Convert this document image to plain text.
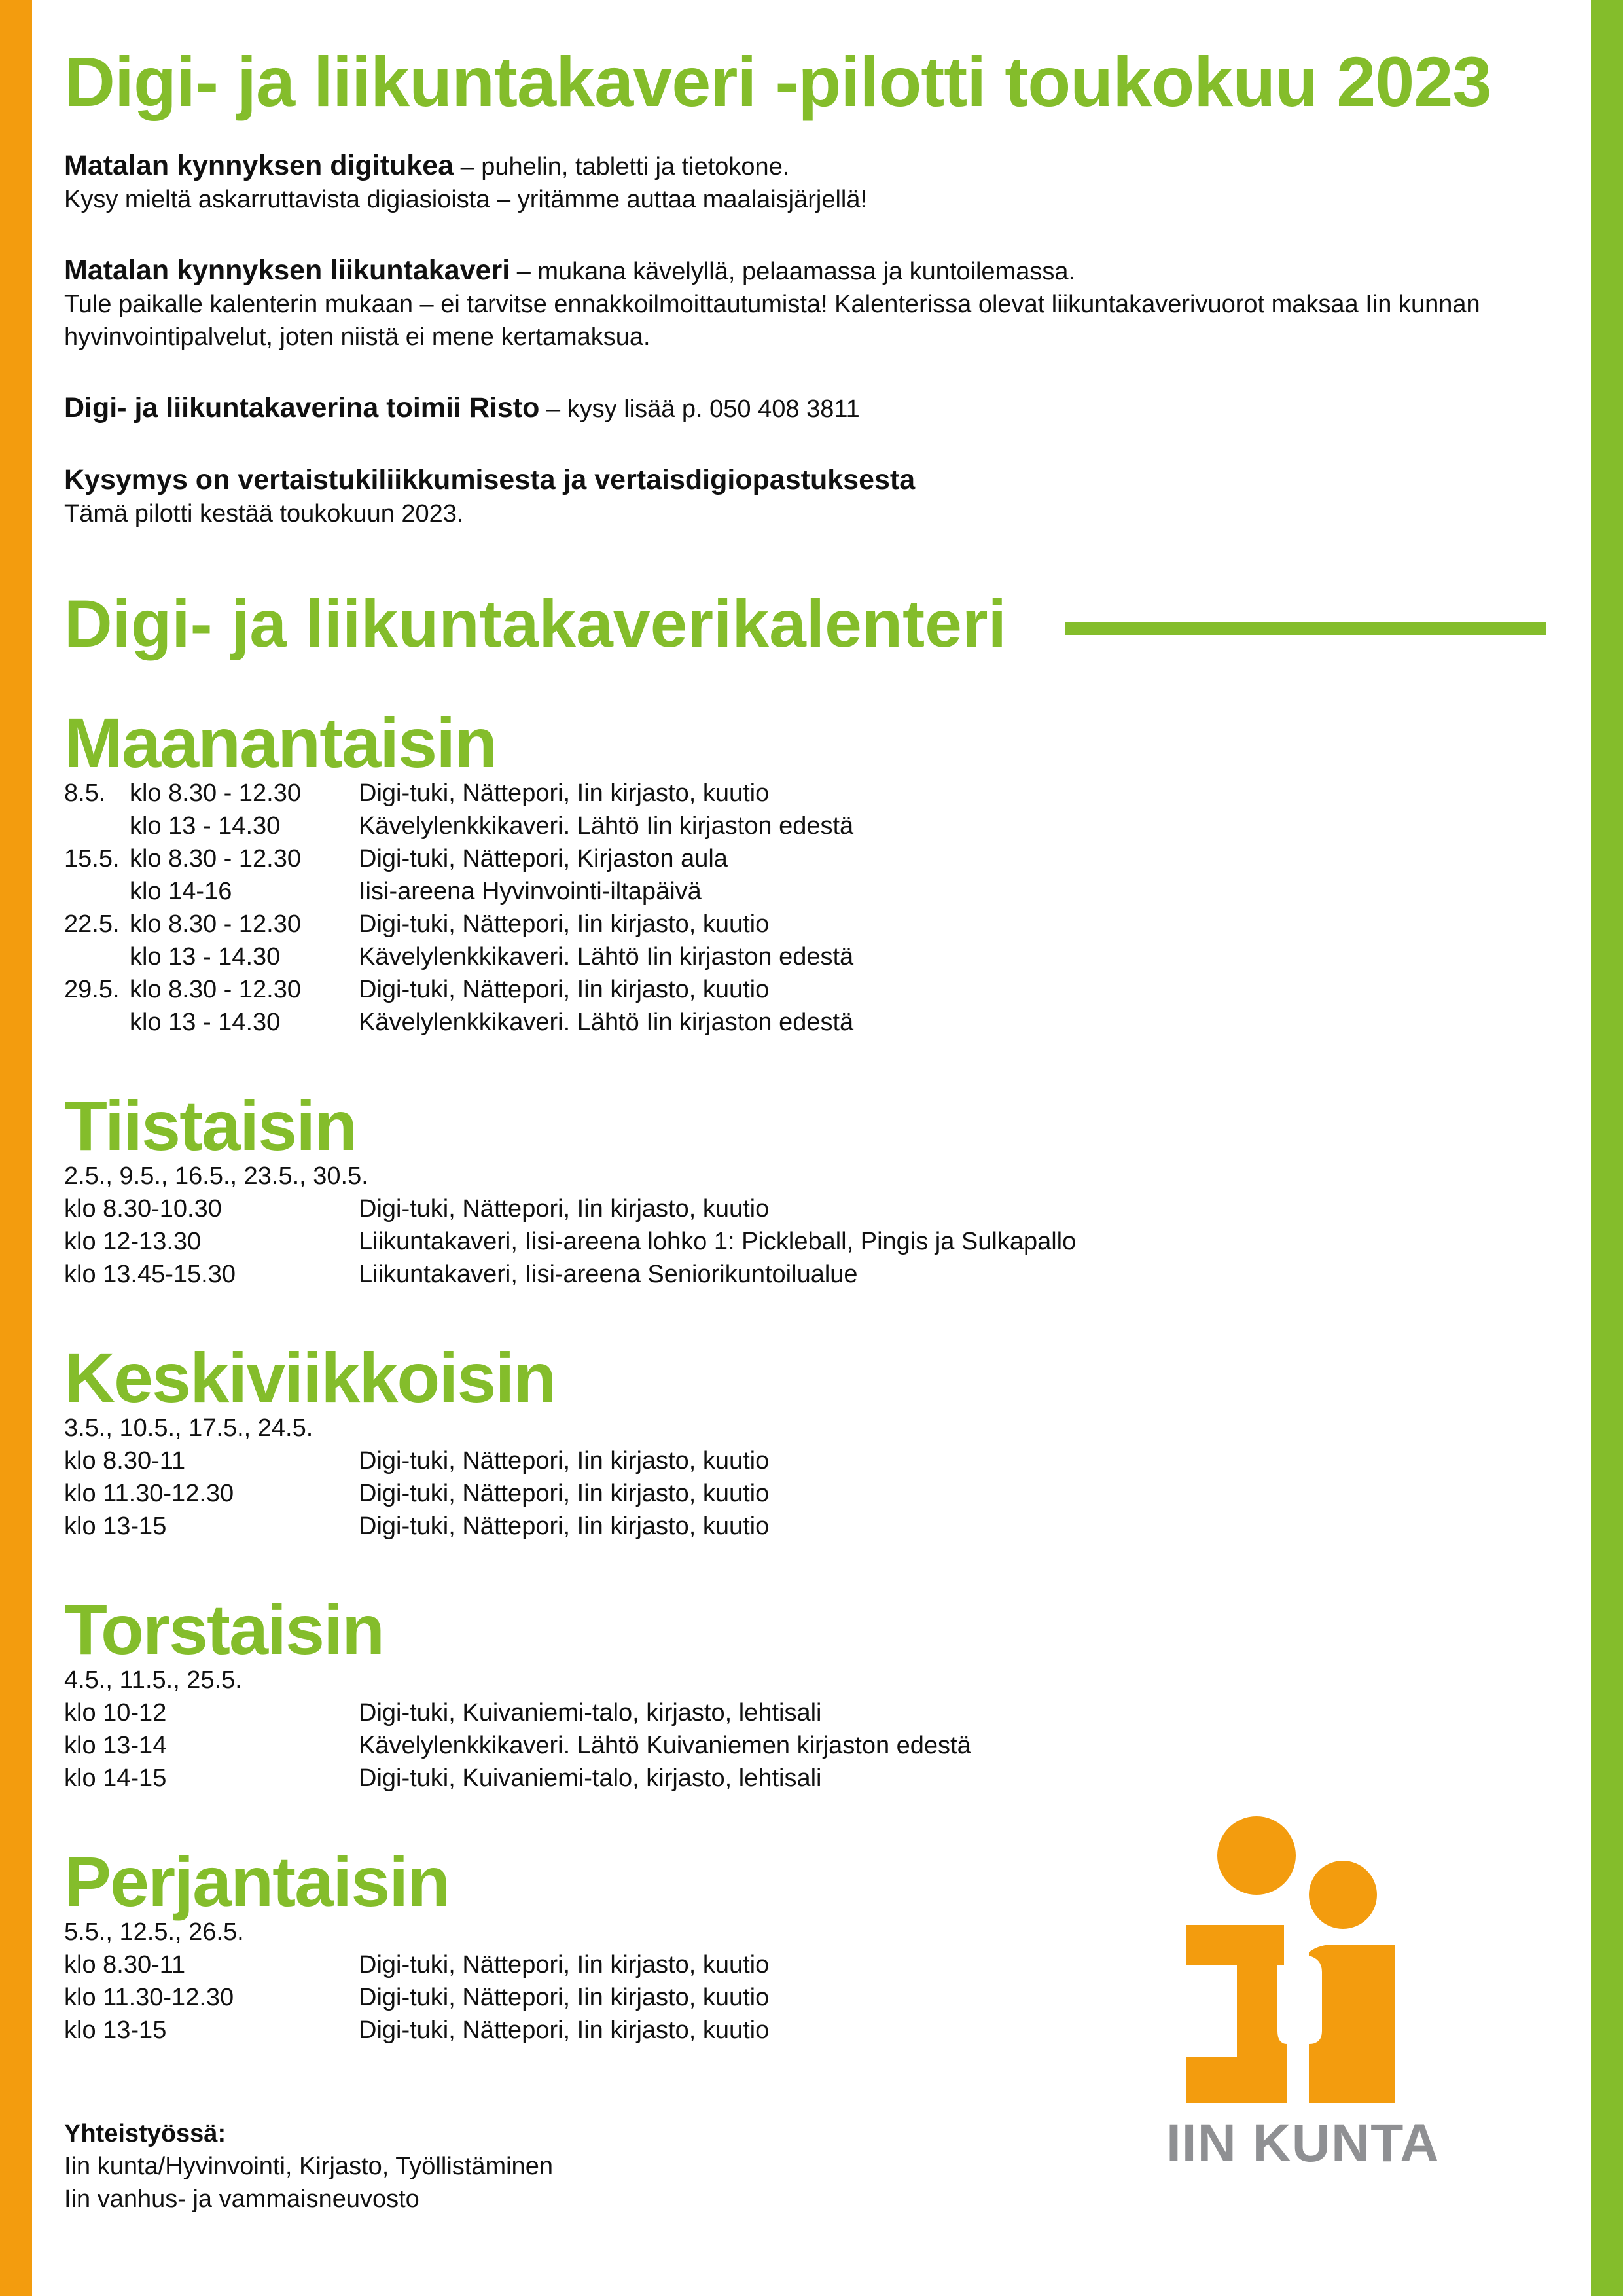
Digi- ja liikuntakaveri -pilotti toukokuu 2023

Matalan kynnyksen digitukea – puhelin, tabletti ja tietokone.
Kysy mieltä askarruttavista digiasioista – yritämme auttaa maalaisjärjellä!

Matalan kynnyksen liikuntakaveri – mukana kävelyllä, pelaamassa ja kuntoilemassa.
Tule paikalle kalenterin mukaan – ei tarvitse ennakkoilmoittautumista! Kalenterissa olevat liikuntakaverivuorot maksaa Iin kunnan hyvinvointipalvelut, joten niistä ei mene kertamaksua.

Digi- ja liikuntakaverina toimii Risto – kysy lisää p. 050 408 3811

Kysymys on vertaistukiliikkumisesta ja vertaisdigiopastuksesta
Tämä pilotti kestää toukokuun 2023.

Digi- ja liikuntakaverikalenteri
Maanantaisin
8.5. klo 8.30 - 12.30	Digi-tuki, Nättepori, Iin kirjasto, kuutio
klo 13 - 14.30	Kävelylenkkikaveri. Lähtö Iin kirjaston edestä
15.5. klo 8.30 - 12.30	Digi-tuki, Nättepori, Kirjaston aula
klo 14-16	Iisi-areena Hyvinvointi-iltapäivä
22.5. klo 8.30 - 12.30	Digi-tuki, Nättepori, Iin kirjasto, kuutio
klo 13 - 14.30	Kävelylenkkikaveri. Lähtö Iin kirjaston edestä
29.5. klo 8.30 - 12.30	Digi-tuki, Nättepori, Iin kirjasto, kuutio
klo 13 - 14.30	Kävelylenkkikaveri. Lähtö Iin kirjaston edestä
Tiistaisin
2.5., 9.5., 16.5., 23.5., 30.5.
klo 8.30-10.30	Digi-tuki, Nättepori, Iin kirjasto, kuutio
klo 12-13.30	Liikuntakaveri, Iisi-areena lohko 1: Pickleball, Pingis ja Sulkapallo
klo 13.45-15.30	Liikuntakaveri, Iisi-areena Seniorikuntoilualue
Keskiviikkoisin
3.5., 10.5., 17.5., 24.5.
klo 8.30-11	Digi-tuki, Nättepori, Iin kirjasto, kuutio
klo 11.30-12.30	Digi-tuki, Nättepori, Iin kirjasto, kuutio
klo 13-15	Digi-tuki, Nättepori, Iin kirjasto, kuutio
Torstaisin
4.5., 11.5., 25.5.
klo 10-12	Digi-tuki, Kuivaniemi-talo, kirjasto, lehtisali
klo 13-14	Kävelylenkkikaveri. Lähtö Kuivaniemen kirjaston edestä
klo 14-15	Digi-tuki, Kuivaniemi-talo, kirjasto, lehtisali
Perjantaisin
5.5., 12.5., 26.5.
klo 8.30-11	Digi-tuki, Nättepori, Iin kirjasto, kuutio
klo 11.30-12.30	Digi-tuki, Nättepori, Iin kirjasto, kuutio
klo 13-15	Digi-tuki, Nättepori, Iin kirjasto, kuutio
Yhteistyössä:
Iin kunta/Hyvinvointi, Kirjasto, Työllistäminen
Iin vanhus- ja vammaisneuvosto
IIN KUNTA
